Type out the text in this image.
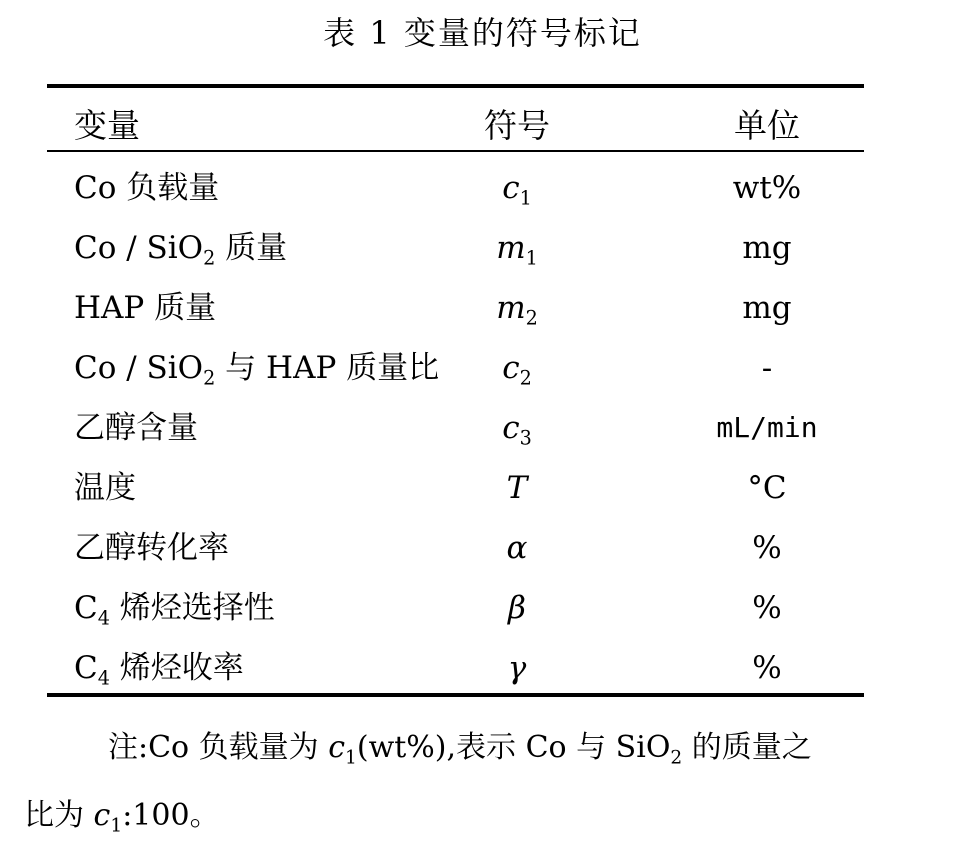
表 1 变量的符号标记
变量	符号	单位
Co 负载量	$c_1$	wt%
Co / SiO$_2$ 质量	$m_1$	mg
HAP 质量	$m_2$	mg
Co / SiO$_2$ 与 HAP 质量比	$c_2$	-
乙醇含量	$c_3$	mL/min
温度	T	°C
乙醇转化率	α	%
$C_4$ 烯烃选择性	β	%
$C_4$ 烯烃收率	γ	%

注:Co 负载量为 $c_1(wt\%)$,表示 Co 与 SiO$_2$ 的质量之

比为 $c_1:100$。
